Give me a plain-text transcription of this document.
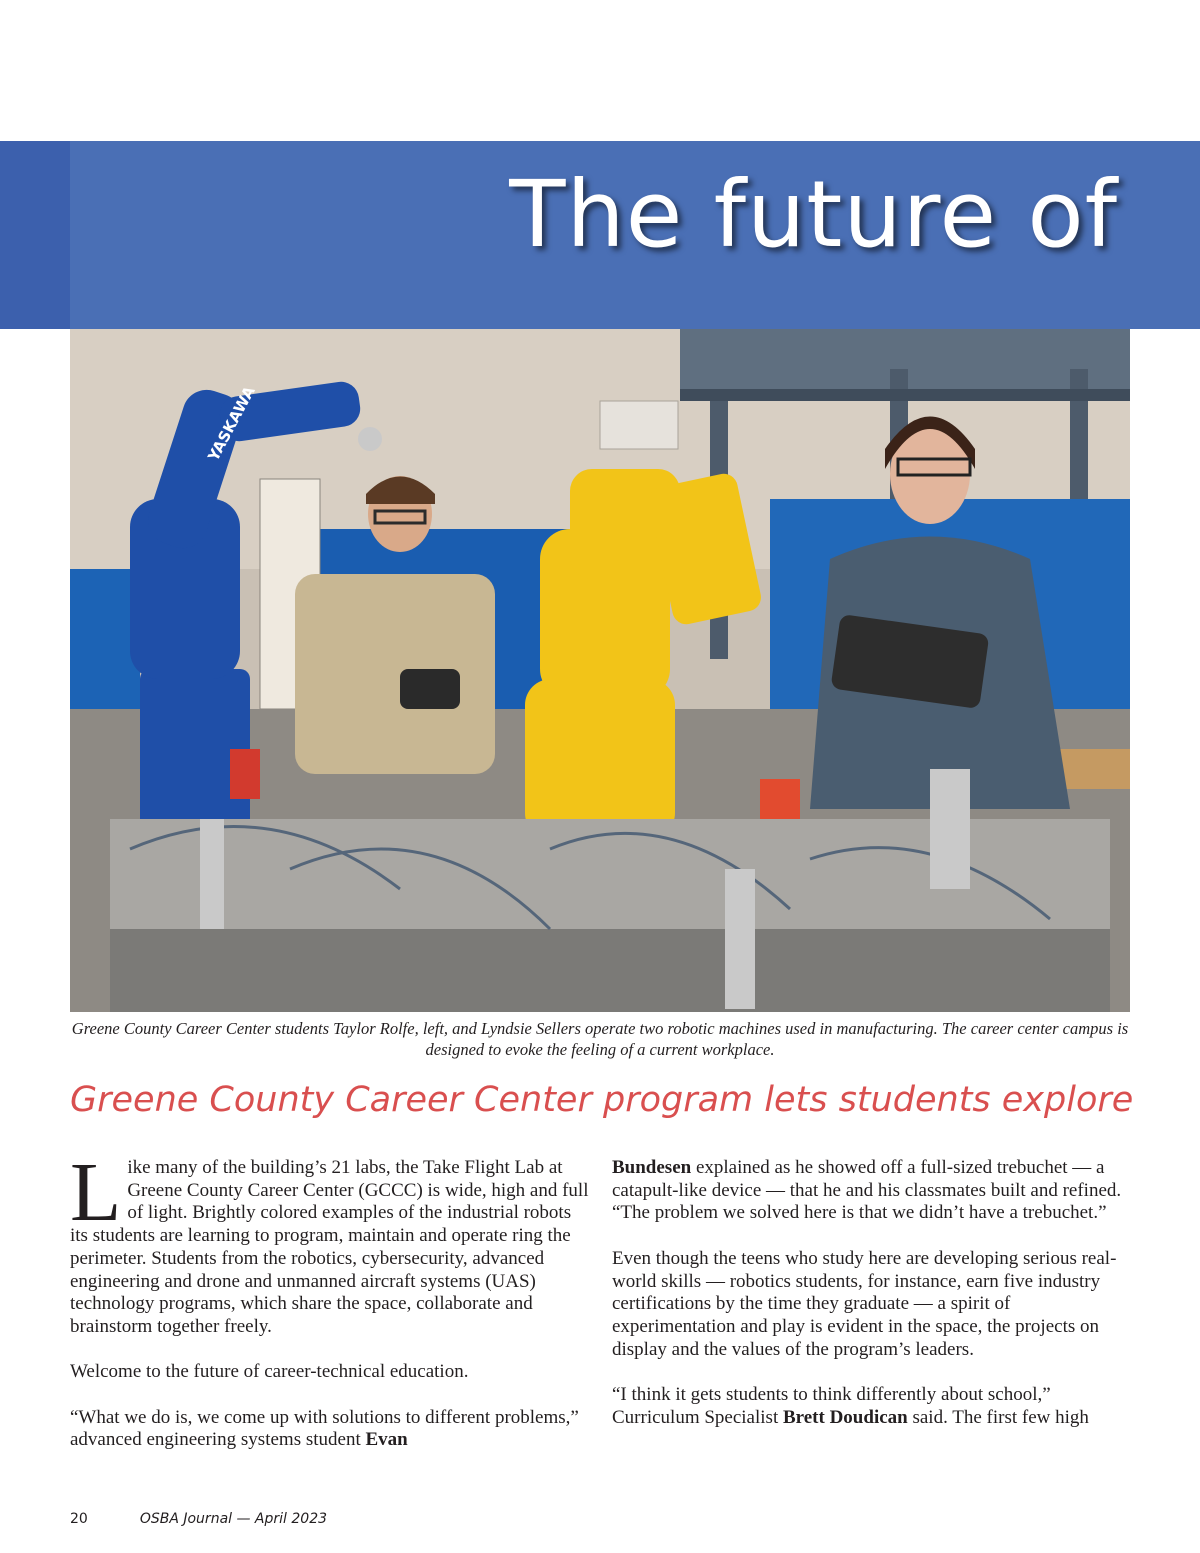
The future of
YASKAWA
Greene County Career Center students Taylor Rolfe, left, and Lyndsie Sellers operate two robotic machines used in manufacturing. The career center campus is designed to evoke the feeling of a current workplace.
Greene County Career Center program lets students explore

Like many of the building’s 21 labs, the Take Flight Lab at Greene County Career Center (GCCC) is wide, high and full of light. Brightly colored examples of the industrial robots its students are learning to program, maintain and operate ring the perimeter. Students from the robotics, cybersecurity, advanced engineering and drone and unmanned aircraft systems (UAS) technology programs, which share the space, collaborate and brainstorm together freely.

Welcome to the future of career-technical education.

“What we do is, we come up with solutions to different problems,” advanced engineering systems student Evan

Bundesen explained as he showed off a full-sized trebuchet — a catapult-like device — that he and his classmates built and refined. “The problem we solved here is that we didn’t have a trebuchet.”

Even though the teens who study here are developing serious real-world skills — robotics students, for instance, earn five industry certifications by the time they graduate — a spirit of experimentation and play is evident in the space, the projects on display and the values of the program’s leaders.

“I think it gets students to think differently about school,” Curriculum Specialist Brett Doudican said. The first few high

20	OSBA Journal — April 2023
